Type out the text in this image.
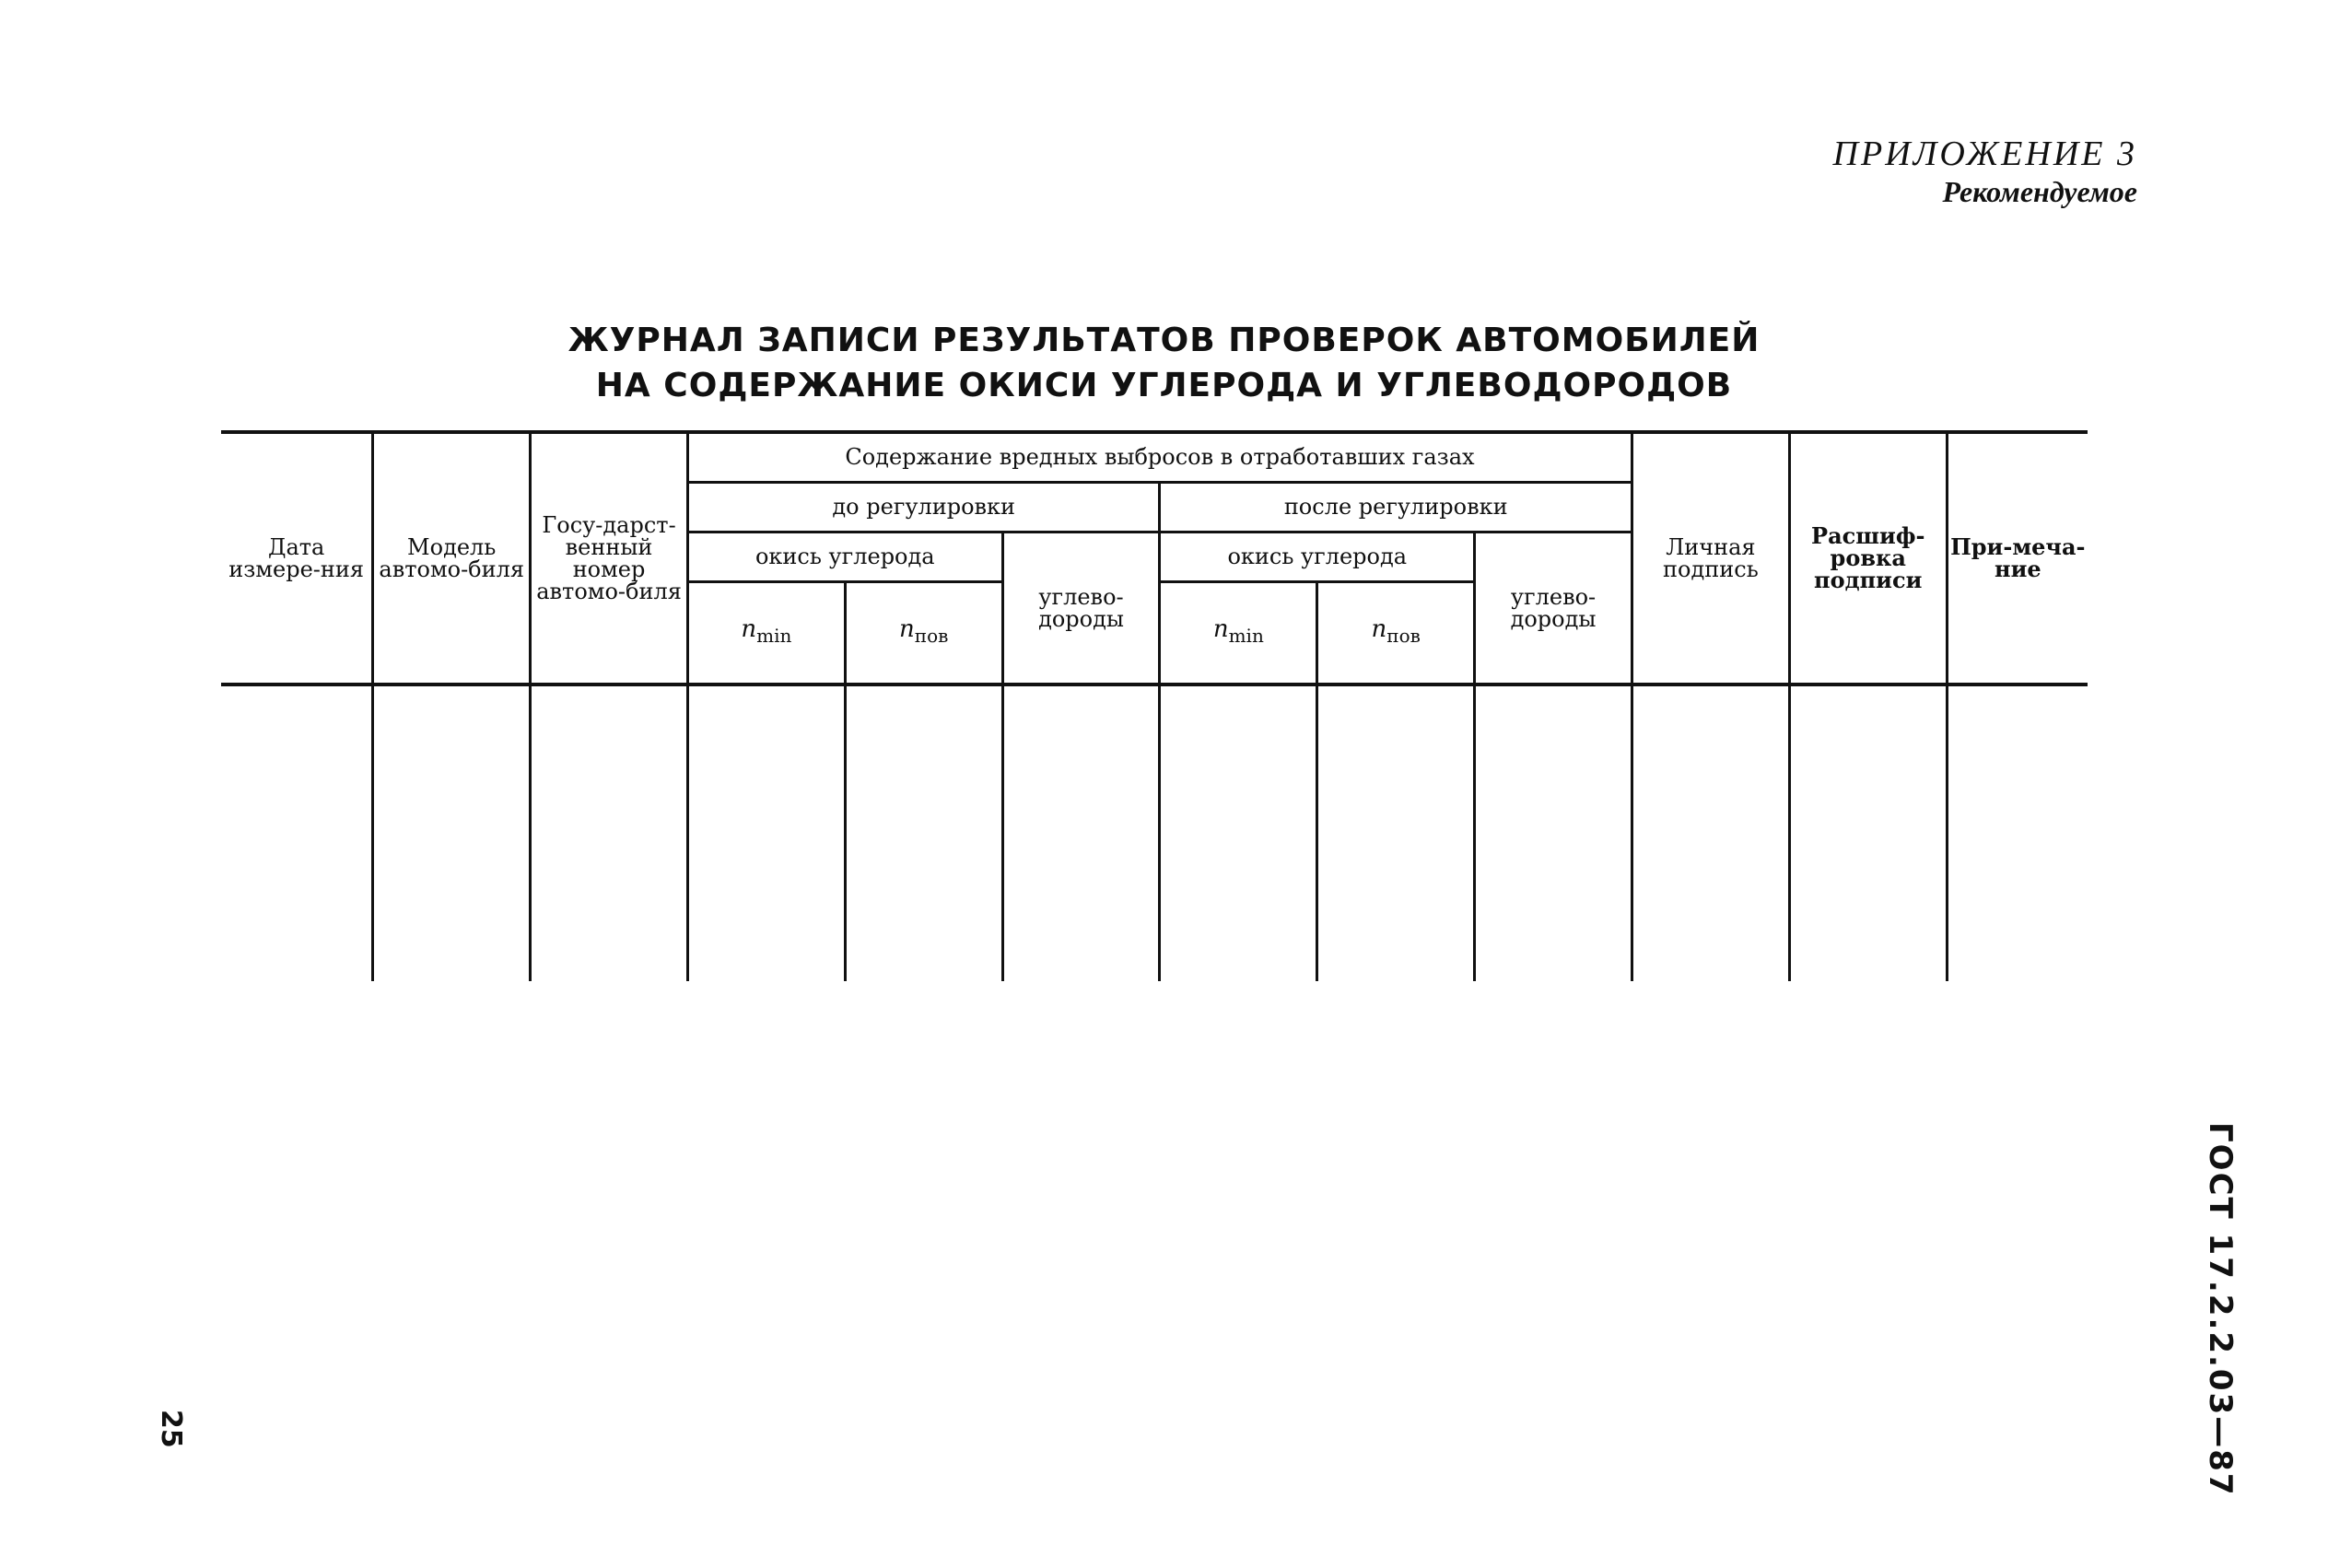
ПРИЛОЖЕНИЕ 3
Рекомендуемое
ЖУРНАЛ ЗАПИСИ РЕЗУЛЬТАТОВ ПРОВЕРОК АВТОМОБИЛЕЙ
НА СОДЕРЖАНИЕ ОКИСИ УГЛЕРОДА И УГЛЕВОДОРОДОВ
Дата измере-ния	Модель автомо-биля	Госу-дарст-венный номер автомо-биля	Содержание вредных выбросов в отработавших газах						Личная подпись	Расшиф-ровка подписи	При-меча-ние
			до регулировки			после регулировки					
			окись углерода		углево-дороды	окись углерода		углево-дороды			
			$n_{min}$	$n_{пов}$		$n_{min}$	$n_{пов}$

ГОСТ 17.2.2.03—87
25
